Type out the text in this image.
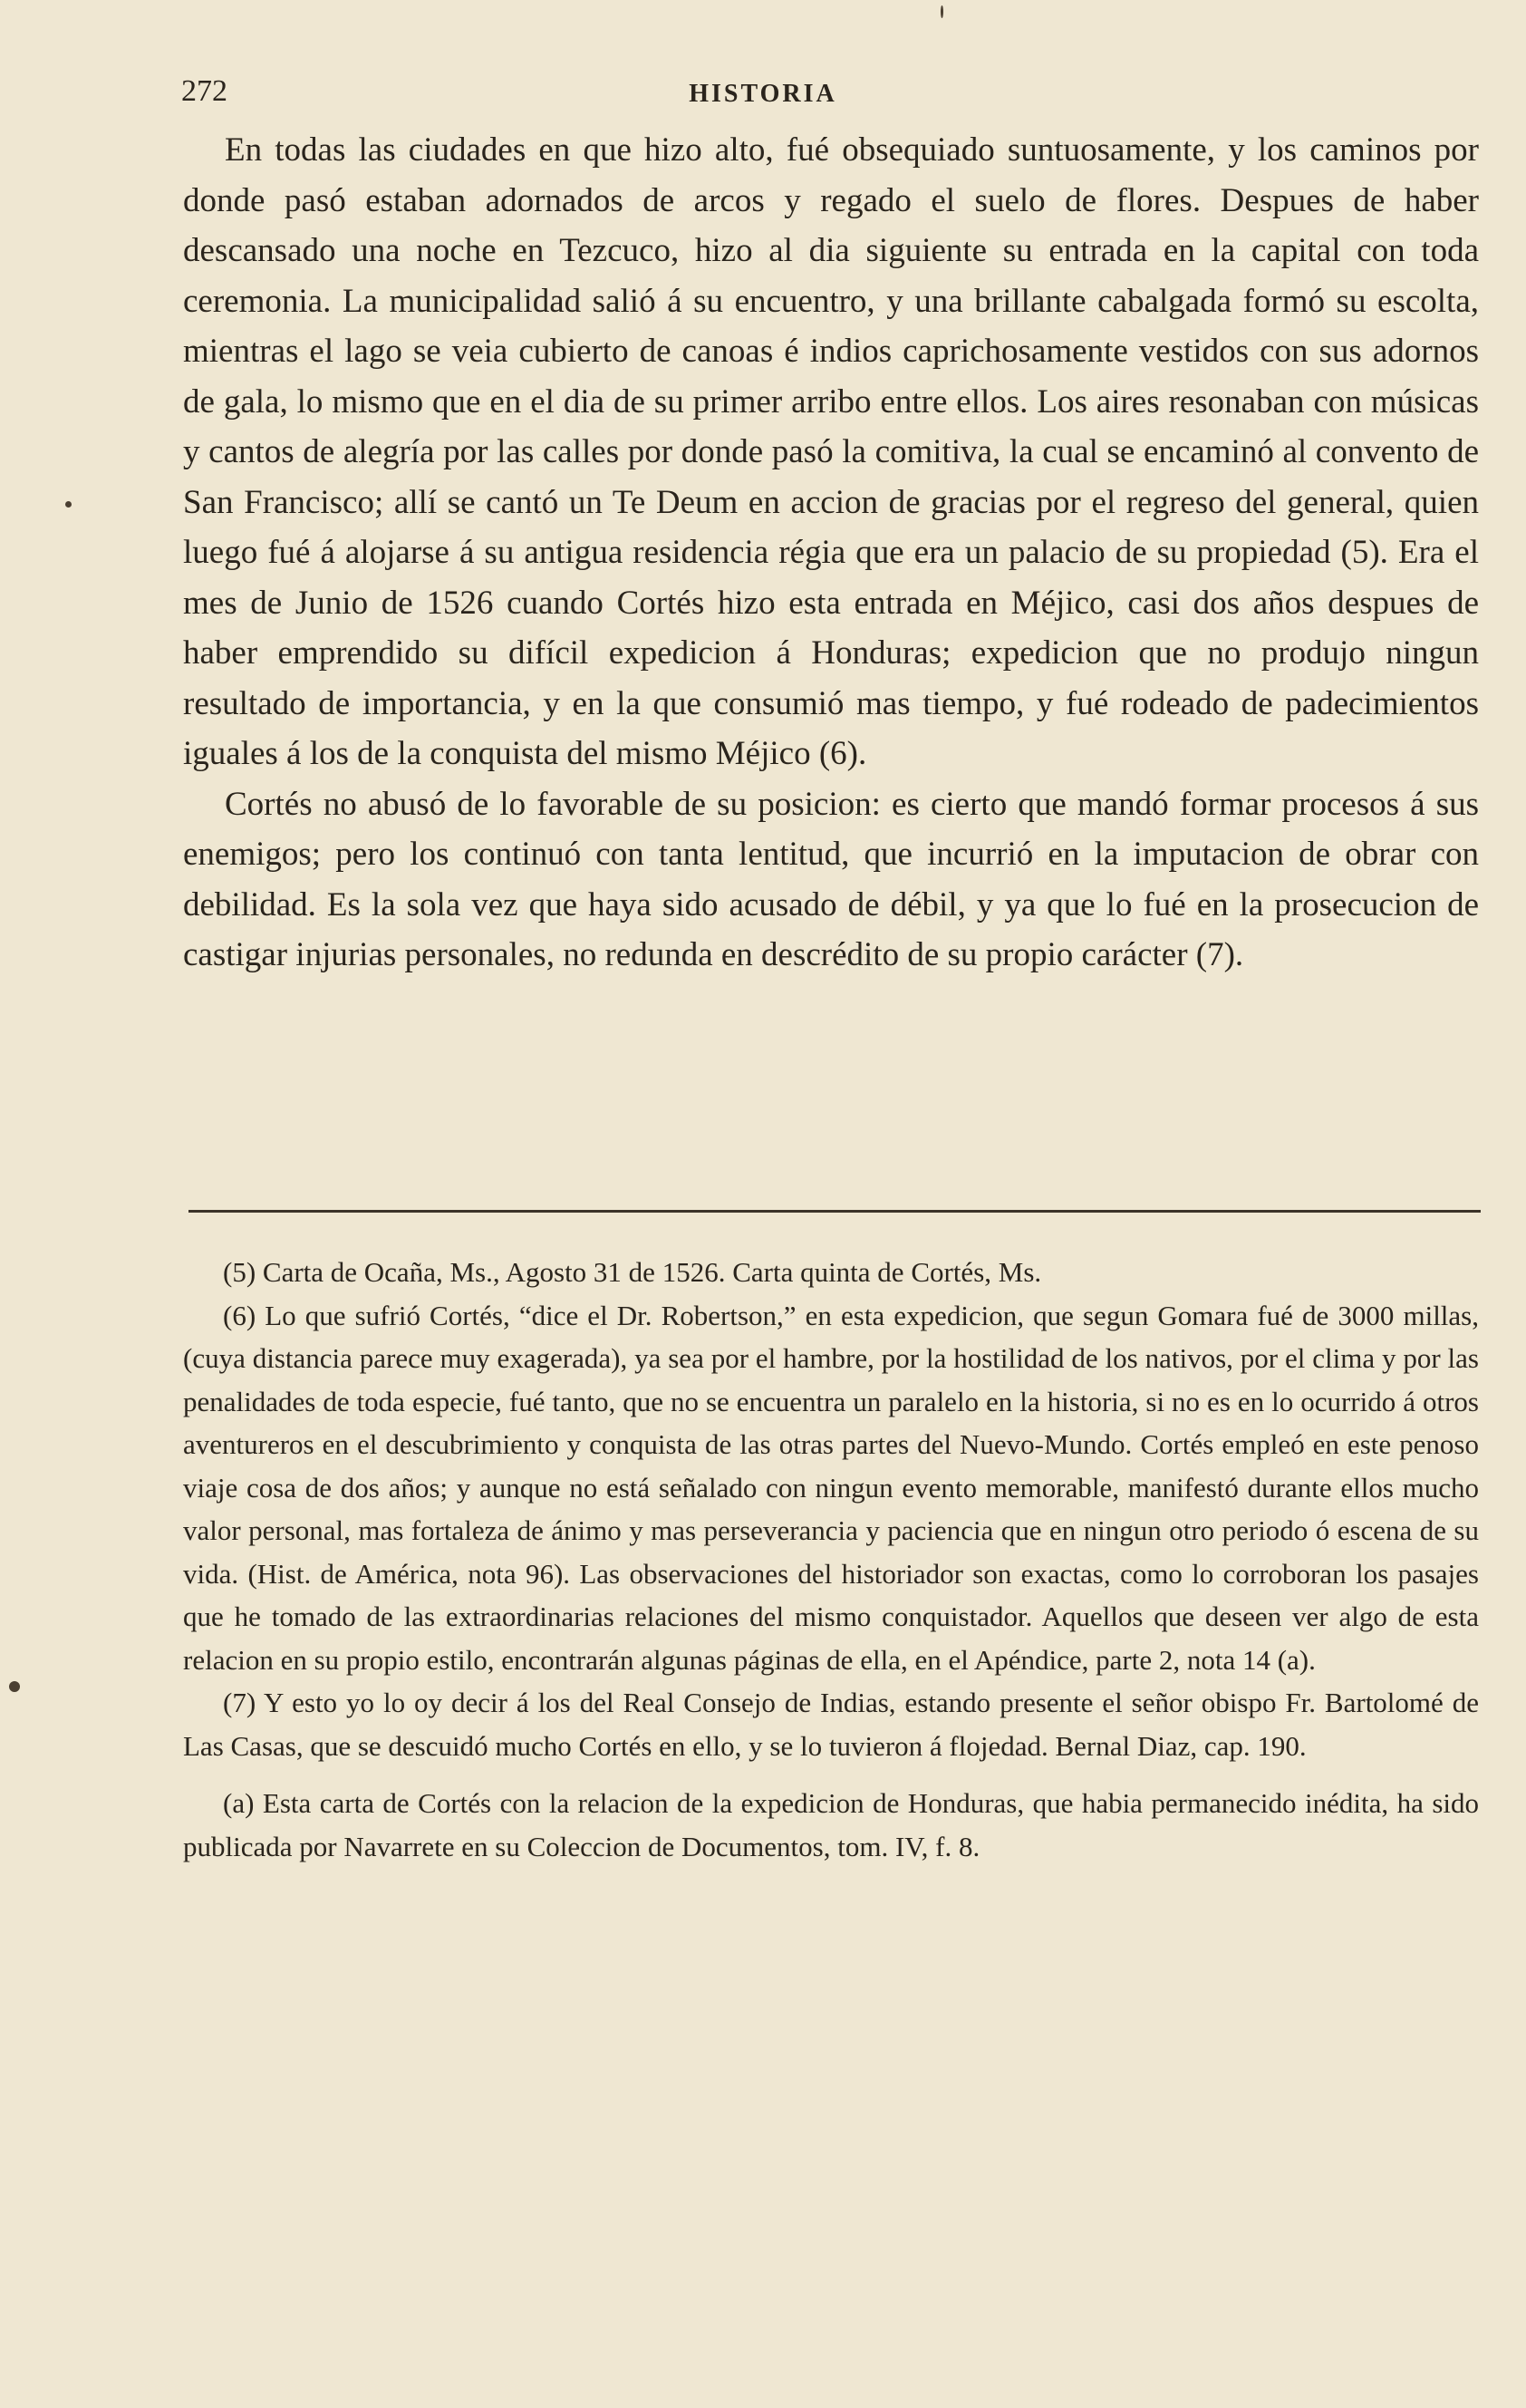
272	HISTORIA

En todas las ciudades en que hizo alto, fué obsequiado suntuosamente, y los caminos por donde pasó estaban adornados de arcos y regado el suelo de flores. Despues de haber descansado una noche en Tezcuco, hizo al dia siguiente su entrada en la capital con toda ceremonia. La municipalidad salió á su encuentro, y una brillante cabalgada formó su escolta, mientras el lago se veia cubierto de canoas é indios caprichosamente vestidos con sus adornos de gala, lo mismo que en el dia de su primer arribo entre ellos. Los aires resonaban con músicas y cantos de alegría por las calles por donde pasó la comitiva, la cual se encaminó al convento de San Francisco; allí se cantó un Te Deum en accion de gracias por el regreso del general, quien luego fué á alojarse á su antigua residencia régia que era un palacio de su propiedad (5). Era el mes de Junio de 1526 cuando Cortés hizo esta entrada en Méjico, casi dos años despues de haber emprendido su difícil expedicion á Honduras; expedicion que no produjo ningun resultado de importancia, y en la que consumió mas tiempo, y fué rodeado de padecimientos iguales á los de la conquista del mismo Méjico (6).

Cortés no abusó de lo favorable de su posicion: es cierto que mandó formar procesos á sus enemigos; pero los continuó con tanta lentitud, que incurrió en la imputacion de obrar con debilidad. Es la sola vez que haya sido acusado de débil, y ya que lo fué en la prosecucion de castigar injurias personales, no redunda en descrédito de su propio carácter (7).

(5) Carta de Ocaña, Ms., Agosto 31 de 1526. Carta quinta de Cortés, Ms.

(6) Lo que sufrió Cortés, “dice el Dr. Robertson,” en esta expedicion, que segun Gomara fué de 3000 millas, (cuya distancia parece muy exagerada), ya sea por el hambre, por la hostilidad de los nativos, por el clima y por las penalidades de toda especie, fué tanto, que no se encuentra un paralelo en la historia, si no es en lo ocurrido á otros aventureros en el descubrimiento y conquista de las otras partes del Nuevo-Mundo. Cortés empleó en este penoso viaje cosa de dos años; y aunque no está señalado con ningun evento memorable, manifestó durante ellos mucho valor personal, mas fortaleza de ánimo y mas perseverancia y paciencia que en ningun otro periodo ó escena de su vida. (Hist. de América, nota 96). Las observaciones del historiador son exactas, como lo corroboran los pasajes que he tomado de las extraordinarias relaciones del mismo conquistador. Aquellos que deseen ver algo de esta relacion en su propio estilo, encontrarán algunas páginas de ella, en el Apéndice, parte 2, nota 14 (a).

(7) Y esto yo lo oy decir á los del Real Consejo de Indias, estando presente el señor obispo Fr. Bartolomé de Las Casas, que se descuidó mucho Cortés en ello, y se lo tuvieron á flojedad. Bernal Diaz, cap. 190.

(a) Esta carta de Cortés con la relacion de la expedicion de Honduras, que habia permanecido inédita, ha sido publicada por Navarrete en su Coleccion de Documentos, tom. IV, f. 8.
